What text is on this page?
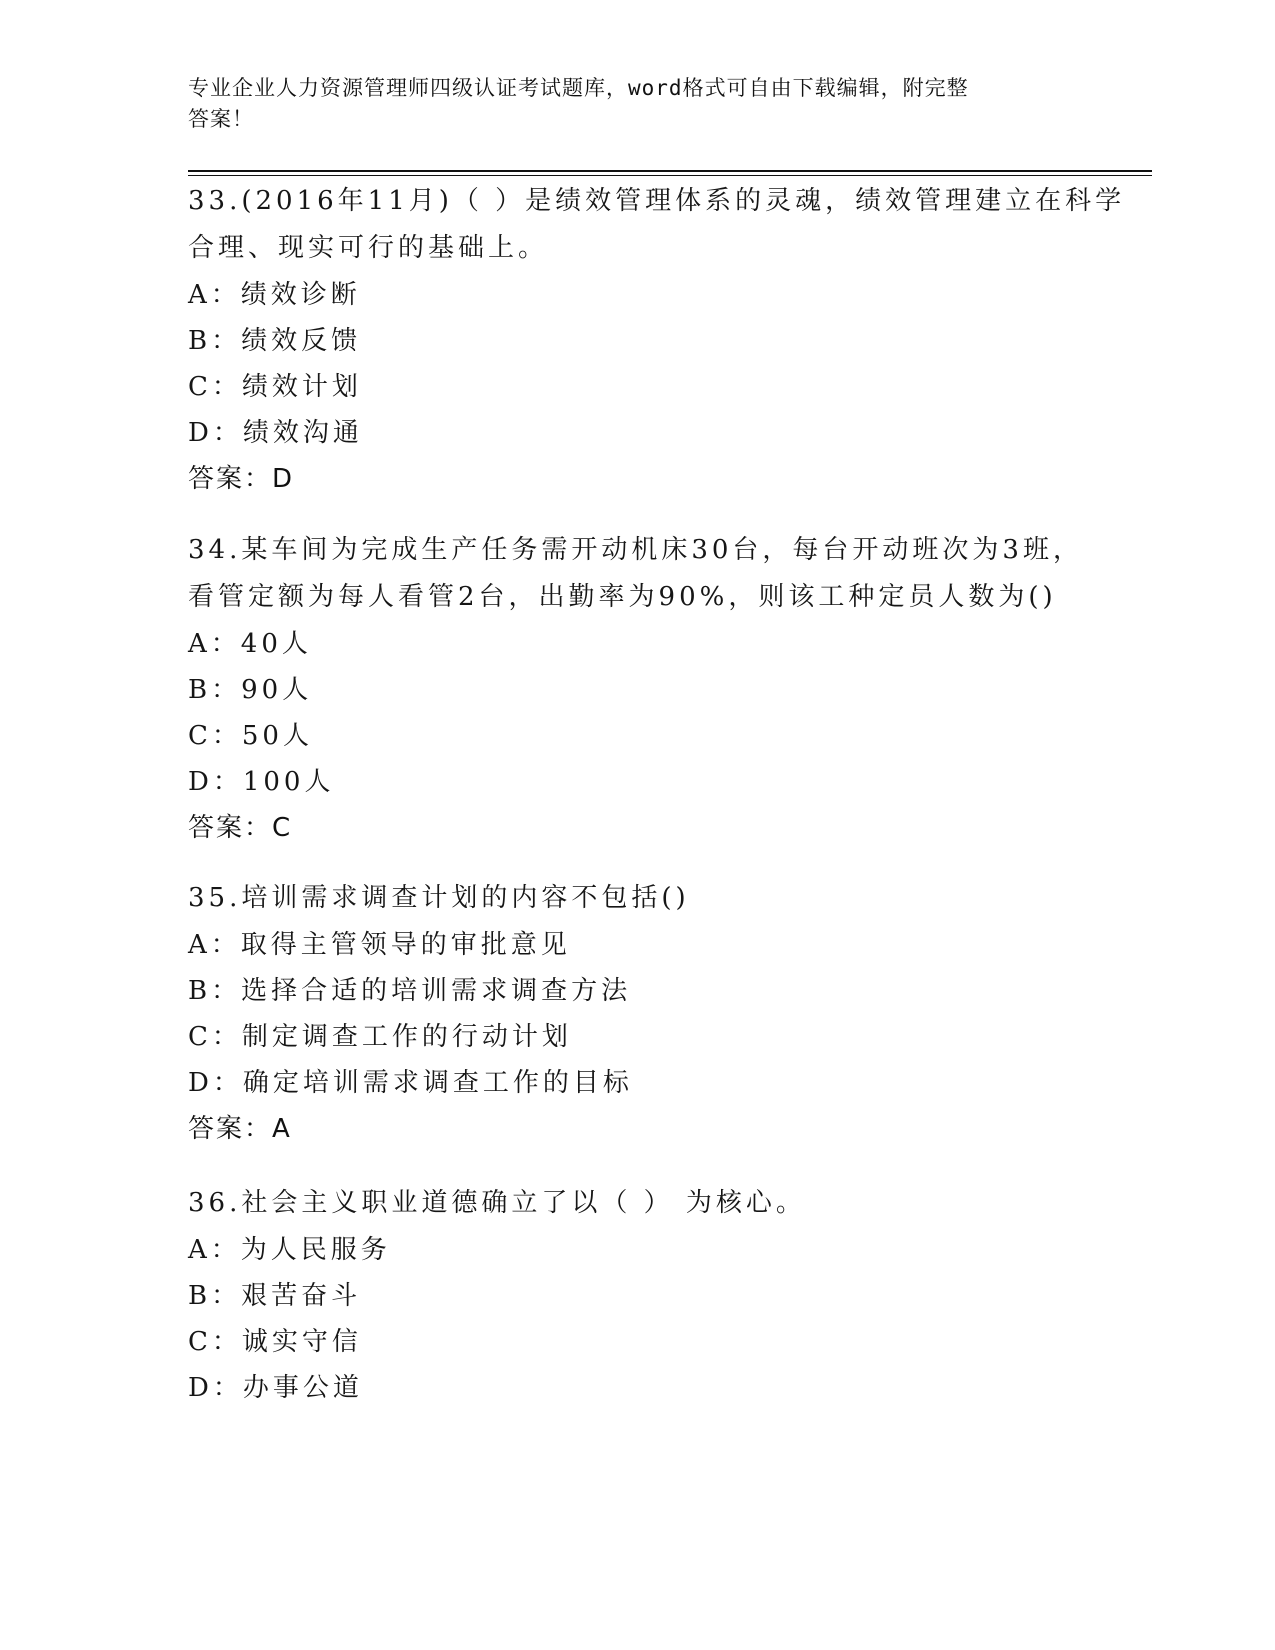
专业企业人力资源管理师四级认证考试题库，word格式可自由下载编辑，附完整
答案！
33.(2016年11月)（ ）是绩效管理体系的灵魂，绩效管理建立在科学
合理、现实可行的基础上。
A：绩效诊断
B：绩效反馈
C：绩效计划
D：绩效沟通
答案：D
34.某车间为完成生产任务需开动机床30台，每台开动班次为3班，
看管定额为每人看管2台，出勤率为90%，则该工种定员人数为()
A：40人
B：90人
C：50人
D：100人
答案：C
35.培训需求调查计划的内容不包括()
A：取得主管领导的审批意见
B：选择合适的培训需求调查方法
C：制定调查工作的行动计划
D：确定培训需求调查工作的目标
答案：A
36.社会主义职业道德确立了以（ ） 为核心。
A：为人民服务
B：艰苦奋斗
C：诚实守信
D：办事公道
